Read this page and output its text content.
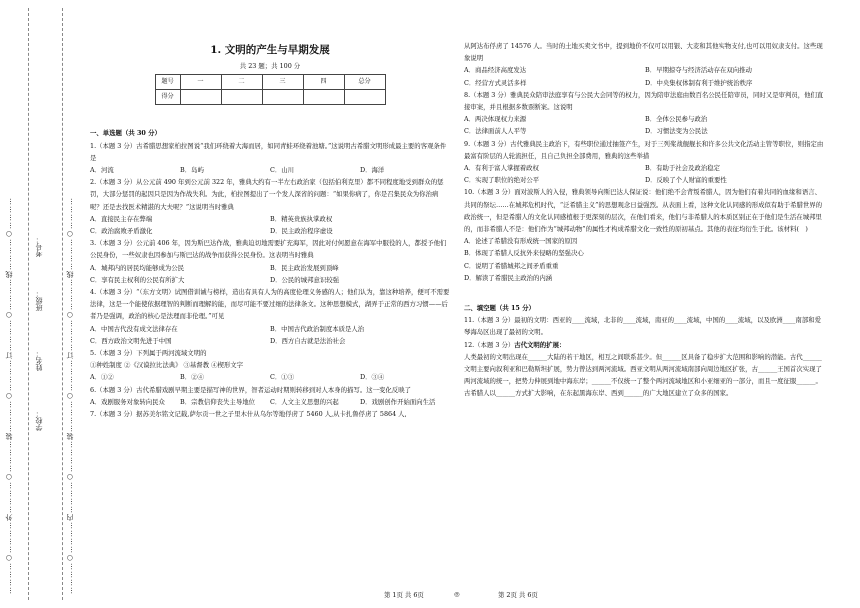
…………○…………外…………○…………装…………○…………订…………○…………线…………○…………	…………○…………内…………○…………装…………○…………订…………○…………线…………○…………
学校：
姓名：
班级：
考号：
1. 文明的产生与早期发展
共 23 题；共 100 分
题号	一	二	三	四	总分
得分					
一、单选题（共 30 分）

1.（本题 3 分）古希腊思想家柏拉图说“我们环绕着大海而居，如同青蛙环绕着池塘。”这说明古希腊文明形成最主要的客观条件是

A．河流	B．岛屿	C．山川	D．海洋

2.（本题 3 分）从公元前 490 年到公元前 322 年，雅典大约有一半左右政治家（包括伯利克里）都不同程度地受到群众的惩罚，大部分惩罚的起因只是因为作战失利。为此，柏拉图提出了一个发人深省的问题：“如果你病了，你是召集民众为你治病呢？还是去找医术精湛的大夫呢？”这说明当时雅典

A．直接民主存在弊端	B．精英贵族执掌政权
C．政治腐败矛盾激化	D．民主政治程序虚设

3.（本题 3 分）公元前 406 年，因为斯巴达作战，雅典迫切地需要扩充海军，因此对付何愿意在海军中服役的人，都授予他们公民身份，一些奴隶也因参加与斯巴达的战争而获得公民身份。这表明当时雅典

A．城邦内的居民均能够成为公民	B．民主政治发展到顶峰
C．享有民主权利的公民有所扩大	D．公民的城邦意识较强

4.（本题 3 分）“（东方文明）试图借训诫与榜样，造出有具有人为的高度伦理义务感的人；他们认为，靠这种培养，便可不需要法律，这是一个能使依据理智的判断而理解的能，而尽可能不要过细的法律条文。这种思想模式，湖弄于正常的西方习惯——后者乃是强调，政治的核心是法理而非伦理。”可见

A．中国古代没有成文法律存在	B．中国古代政治制度本质是人治
C．西方政治文明先进于中国	D．西方自古就是法治社会

5.（本题 3 分）下列属于两河流域文明的

①种姓制度 ②《汉谟拉比法典》 ③基督教 ④楔形文字

A．①②	B．②④	C．①③	D．③④

6.（本题 3 分）古代希腊戏剧早期主要是描写神的世界，智者运动时期则转移到对人本身的描写。这一变化反映了

A．戏剧服务对象转向民众	B．宗教信仰丧失主导地位	C．人文主义思想的兴起	D．戏剧创作开始面向生活

7.（本题 3 分）据苏美尔铭文记载,萨尔贡一世之子里木什从乌尔等地俘虏了 5460 人,从卡扎鲁俘虏了 5864 人,

从阿达布俘虏了 14576 人。当时的土地买卖文书中，提到地价不仅可以用银、大麦和其他实物支付,也可以用奴隶支付。这些现象说明

A．商品经济高度发达	B．早期掠夺与经济活动存在双向推动
C．经营方式灵活多样	D．中央集权体制有利于维护统治秩序

8.（本题 3 分）雅典民众陪审法庭享有与公民大会同等的权力，因为陪审法庭由数百名公民任陪审员，同时又是审判员，他们直接审案，并且根据多数票断案。这说明

A．两决体现权力来源	B．全体公民参与政治
C．法律面前人人平等	D．习惯法变为公民法

9.（本题 3 分）古代雅典民主政治下，有些职位通过抽签产生，对于三列桨战舰舰长和许多公共文化活动主管等职位，则指定由最富有阶层的人轮流担任，且自己负担全部费用，雅典的这些举措

A．有利于富人掌握着政权	B．有助于社会及政治稳定
C．实现了职位的绝对公平	D．反映了个人财富的重要性

10.（本题 3 分）面对波斯人的入侵，雅典领导向斯巴达人保证说：他们绝不会背叛希腊人，因为他们有着共同的血缘和语言、共同的祭坛……在城邦危机时代，“泛希腊主义”的思想观念日益强烈。从表面上看，这种文化认同感的形成似有助于希腊世界的政治统一，但是希腊人的文化认同感植根于更深刻的层次，在他们看来，他们与非希腊人的本质区别正在于他们是生活在城邦里的，而非希腊人不是：他们作为“城邦动物”的属性才构成希腊文化一致性的原初基点。其他的表征均衍生于此。该材料(　)

A．论述了希腊没有形成统一国家的原因
B．体现了希腊人反抗外来侵略的坚强决心
C．说明了希腊城邦之间矛盾重重
D．解读了希腊民主政治的内涵
二、填空题（共 15 分）

11.（本题 3 分）最初的文明：西亚的____流域，北非的____流域，南亚的____流域，中国的____流域，以及欧洲____南部和爱琴海岛区出现了最初的文明。

12.（本题 3 分）古代文明的扩展：

人类最初的文明出现在______大陆的若干地区，相互之间联系甚少。但______区具备了稳步扩大范围和影响的潜能。古代______文明主要向叙利亚和巴勒斯坦扩展，势力曾达到两河流域。西亚文明从两河流域南部向周边地区扩张，古______王国首次实现了两河流域的统一，把势力伸展到地中海东岸；______不仅统一了整个两河流域地区和小亚细亚的一部分，而且一度征服______。古希腊人以______方式扩大影响，在东起黑海东岸、西到______的广大地区建立了众多的国家。

第 1页 共 6页	◎	第 2页 共 6页
